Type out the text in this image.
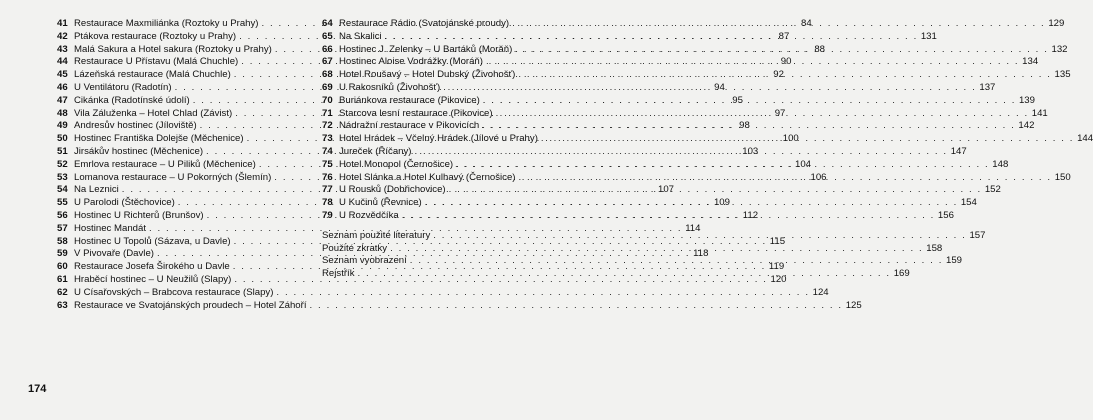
41 Restaurace Maxmiliánka (Roztoky u Prahy) . . .	84
42 Ptákova restaurace (Roztoky u Prahy) . . .	87
43 Malá Sakura a Hotel sakura (Roztoky u Prahy) . . .	88
44 Restaurace U Přístavu (Malá Chuchle) . . .	90
45 Lázeňská restaurace (Malá Chuchle) . . .	92
46 U Ventilátoru (Radotín) . . .	94
47 Cikánka (Radotínské údolí) . . .	95
48 Vila Záluženka – Hotel Chlad (Závist) . . .	97
49 Andresův hostinec (Jíloviště) . . .	98
50 Hostinec Františka Dolejše (Měchenice) . . .	100
51 Jirsákův hostinec (Měchenice) . . .	103
52 Emrlova restaurace – U Piliků (Měchenice) . . .	104
53 Lomanova restaurace – U Pokorných (Šlemín) . . .	106
54 Na Leznici . . .	107
55 U Parolodi (Štěchovice) . . .	109
56 Hostinec U Richterů (Brunšov) . . .	112
57 Hostinec Mandát . . .	114
58 Hostinec U Topolů (Sázava, u Davle) . . .	115
59 V Pivovaře (Davle) . . .	118
60 Restaurace Josefa Širokého u Davle . . .	119
61 Hraběcí hostinec – U Neužilů (Slapy) . . .	120
62 U Císařovských – Brabcova restaurace (Slapy) . . .	124
63 Restaurace ve Svatojánských proudech – Hotel Záhoří . . .	125
64 Restaurace Rádio (Svatojánské proudy) . . .	129
65 Na Skalici . . .	131
66 Hostinec J. Zelenky – U Bartáků (Morăň) . . .	132
67 Hostinec Aloise Vodrážky (Moráň) . . .	134
68 Hotel Roušavý – Hotel Dubský (Živohošť) . . .	135
69 U Rakosníků (Živohošť) . . .	137
70 Buriánkova restaurace (Pikovice) . . .	139
71 Starcova lesní restaurace (Pikovice) . . .	141
72 Nádražní restaurace v Pikovicích . . .	142
73 Hotel Hrádek – Včelný Hrádek (Jílové u Prahy) . . .	144
74 Jureček (Říčany) . . .	147
75 Hotel Monopol (Černošice) . . .	148
76 Hotel Slánka a Hotel Kulhavý (Černošice) . . .	150
77 U Rousků (Dobřichovice) . . .	152
78 U Kučinů (Řevnice) . . .	154
79 U Rozvědčíka . . .	156
Seznam použité literatury . . .	157
Použité zkratky . . .	158
Seznam vyobrazení . . .	159
Rejstřík . . .	169
174
